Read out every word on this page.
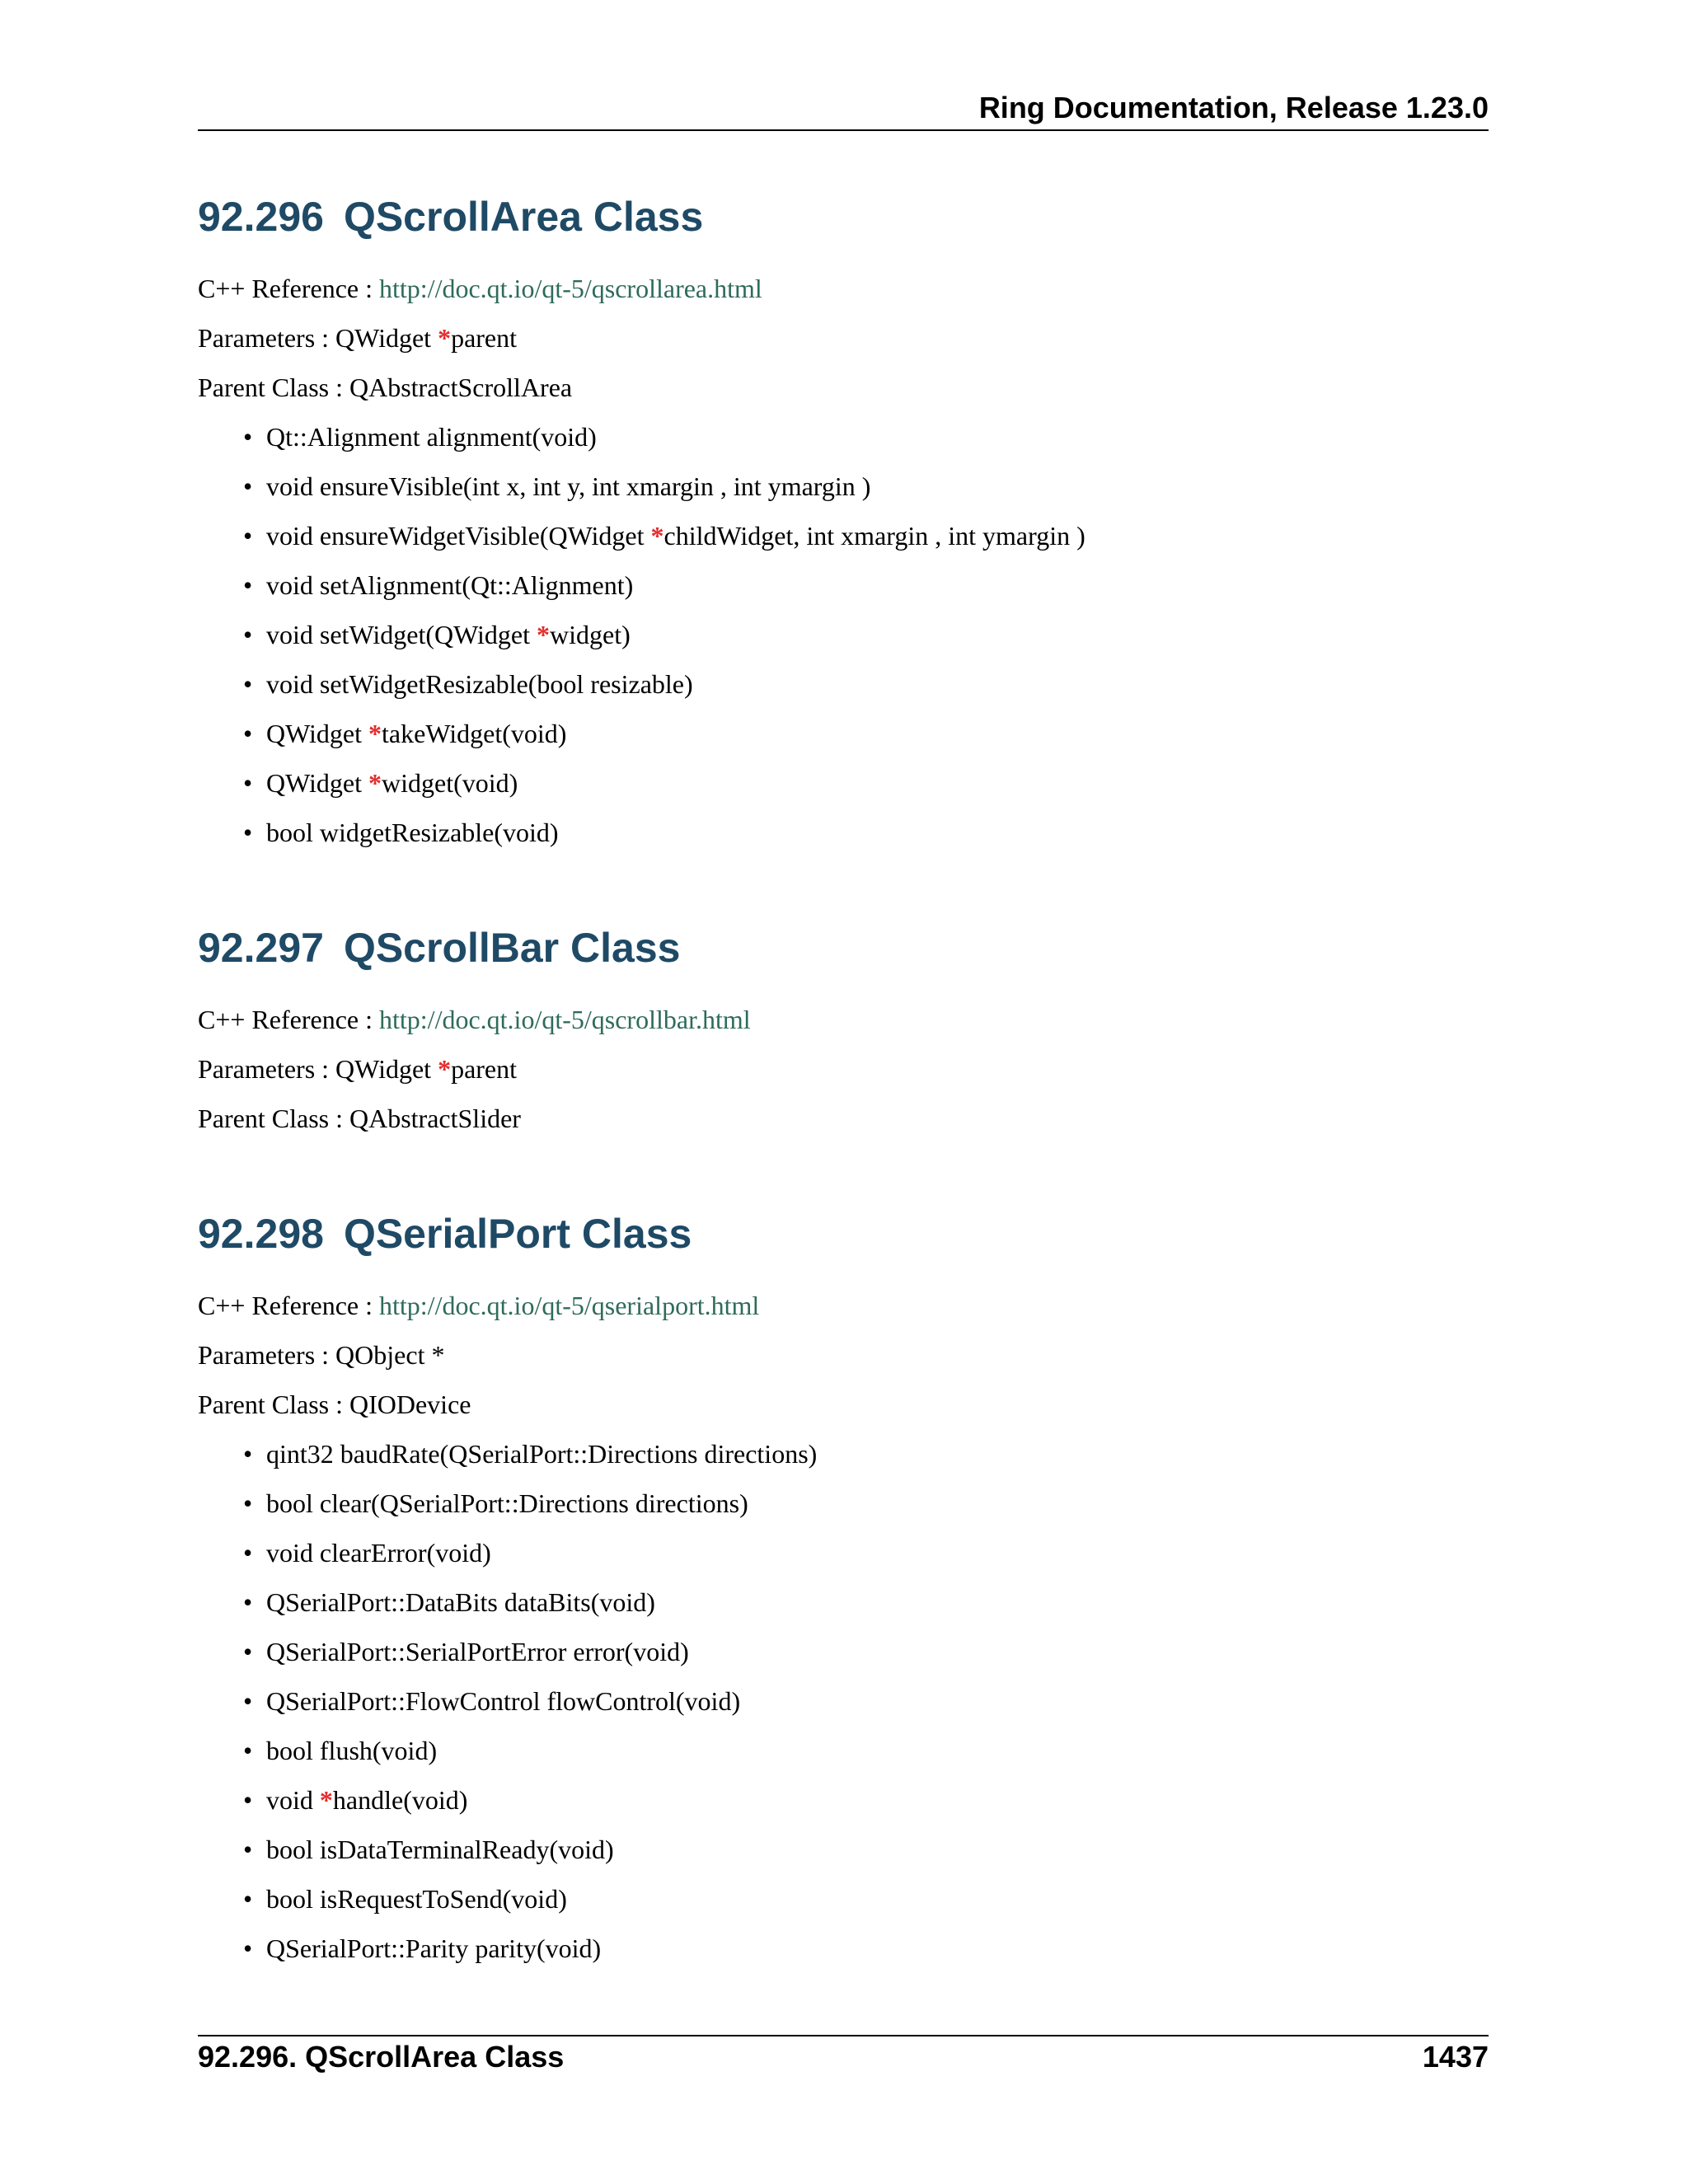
Ring Documentation, Release 1.23.0
92.296 QScrollArea Class
C++ Reference : http://doc.qt.io/qt-5/qscrollarea.html
Parameters : QWidget *parent
Parent Class : QAbstractScrollArea
• Qt::Alignment alignment(void)
• void ensureVisible(int x, int y, int xmargin , int ymargin )
• void ensureWidgetVisible(QWidget *childWidget, int xmargin , int ymargin )
• void setAlignment(Qt::Alignment)
• void setWidget(QWidget *widget)
• void setWidgetResizable(bool resizable)
• QWidget *takeWidget(void)
• QWidget *widget(void)
• bool widgetResizable(void)
92.297 QScrollBar Class
C++ Reference : http://doc.qt.io/qt-5/qscrollbar.html
Parameters : QWidget *parent
Parent Class : QAbstractSlider
92.298 QSerialPort Class
C++ Reference : http://doc.qt.io/qt-5/qserialport.html
Parameters : QObject *
Parent Class : QIODevice
• qint32 baudRate(QSerialPort::Directions directions)
• bool clear(QSerialPort::Directions directions)
• void clearError(void)
• QSerialPort::DataBits dataBits(void)
• QSerialPort::SerialPortError error(void)
• QSerialPort::FlowControl flowControl(void)
• bool flush(void)
• void *handle(void)
• bool isDataTerminalReady(void)
• bool isRequestToSend(void)
• QSerialPort::Parity parity(void)
92.296. QScrollArea Class	1437
